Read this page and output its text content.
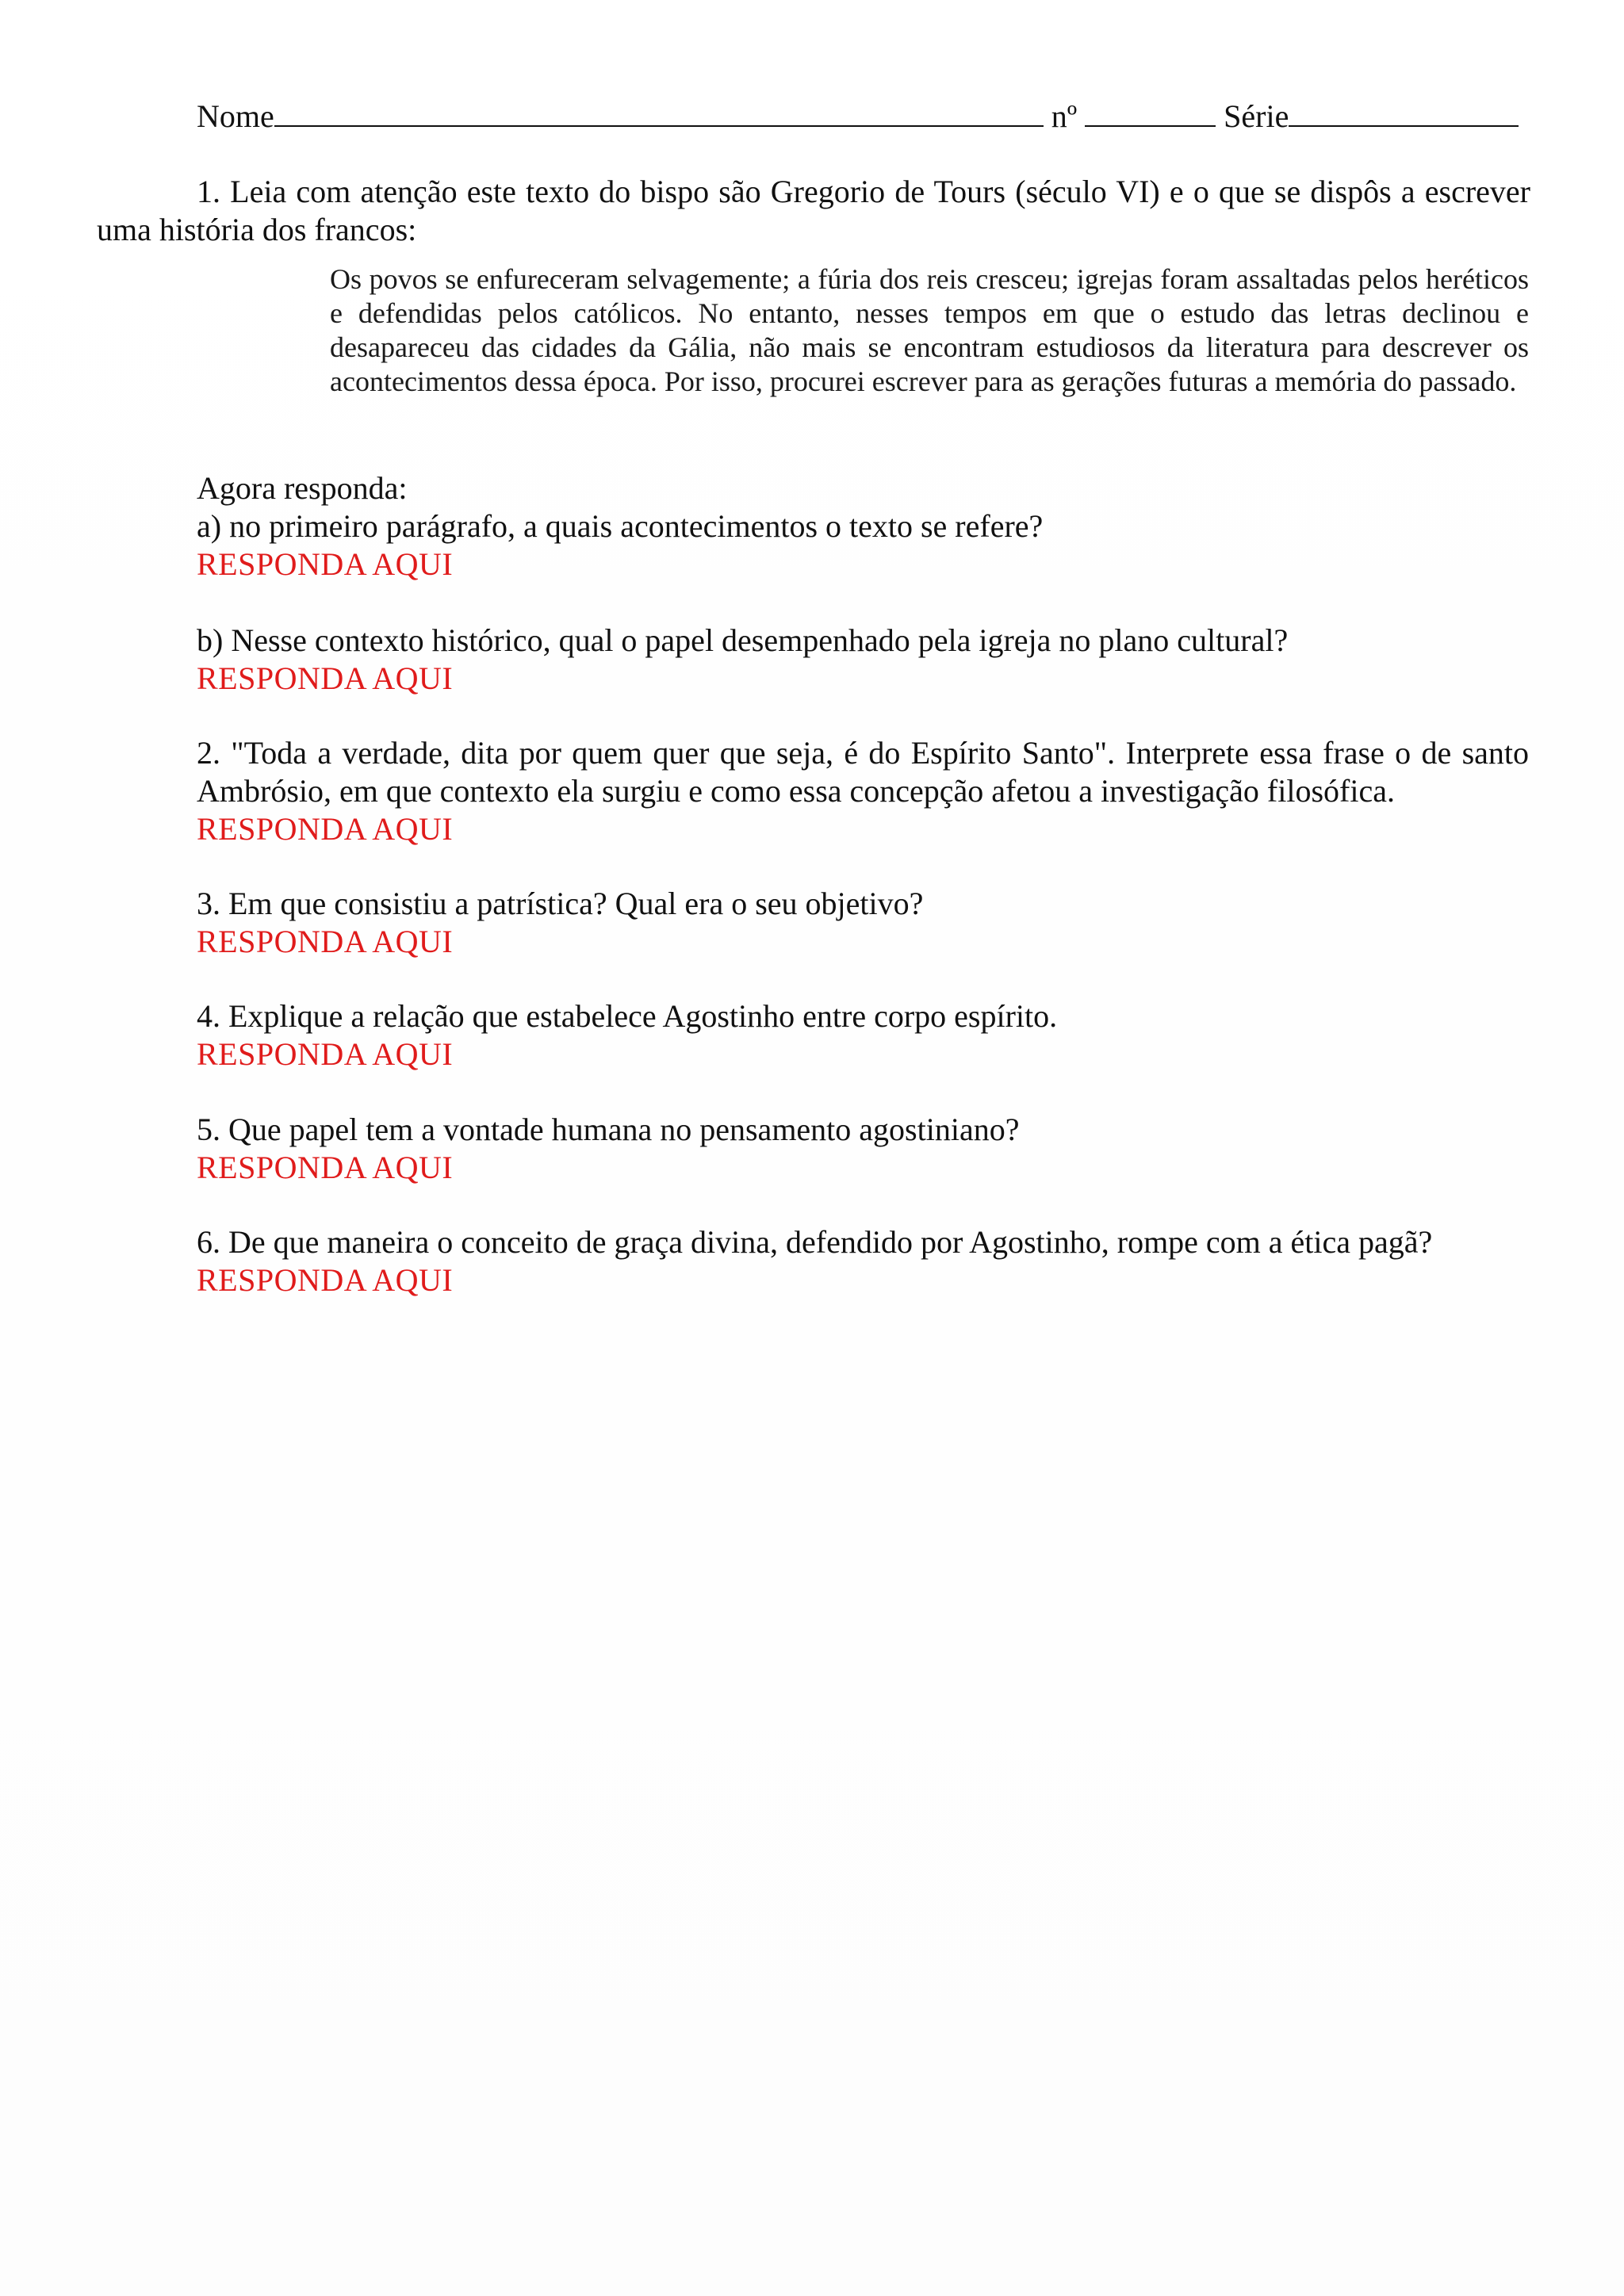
Nome	nº	Série
1. Leia com atenção este texto do bispo são Gregorio de Tours (século VI) e o que se dispôs a escrever uma história dos francos:
Os povos se enfureceram selvagemente; a fúria dos reis cresceu; igrejas foram assaltadas pelos heréticos e defendidas pelos católicos. No entanto, nesses tempos em que o estudo das letras declinou e desapareceu das cidades da Gália, não mais se encontram estudiosos da literatura para descrever os acontecimentos dessa época. Por isso, procurei escrever para as gerações futuras a memória do passado.
Agora responda:
a) no primeiro parágrafo, a quais acontecimentos o texto se refere?
RESPONDA AQUI
b) Nesse contexto histórico, qual o papel desempenhado pela igreja no plano cultural?
RESPONDA AQUI
2. "Toda a verdade, dita por quem quer que seja, é do Espírito Santo". Interprete essa frase o de santo Ambrósio, em que contexto ela surgiu e como essa concepção afetou a investigação filosófica.
RESPONDA AQUI
3. Em que consistiu a patrística? Qual era o seu objetivo?
RESPONDA AQUI
4. Explique a relação que estabelece Agostinho entre corpo espírito.
RESPONDA AQUI
5. Que papel tem a vontade humana no pensamento agostiniano?
RESPONDA AQUI
6. De que maneira o conceito de graça divina, defendido por Agostinho, rompe com a ética pagã?
RESPONDA AQUI
